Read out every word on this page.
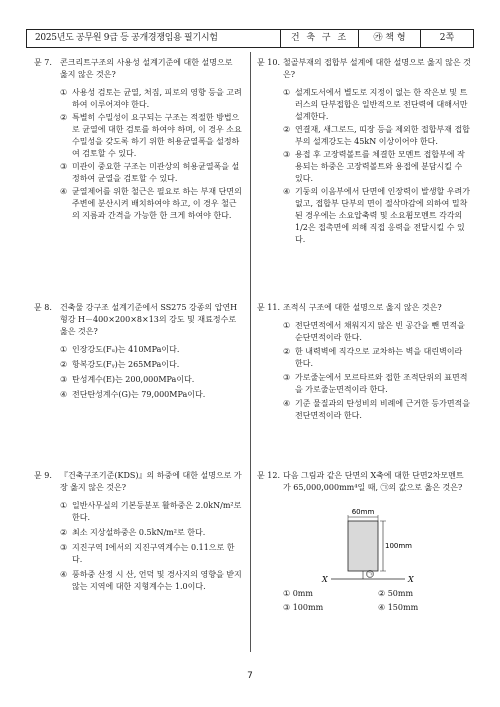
2025년도 공무원 9급 등 공개경쟁임용 필기시험	건 축 구 조	㉮ 책 형	2쪽
문 7.	콘크리트구조의 사용성 설계기준에 대한 설명으로 옳지 않은 것은?
① 사용성 검토는 균열, 처짐, 피로의 영향 등을 고려하여 이루어져야 한다.
② 특별히 수밀성이 요구되는 구조는 적절한 방법으로 균열에 대한 검토를 하여야 하며, 이 경우 소요수밀성을 갖도록 하기 위한 허용균열폭을 설정하여 검토할 수 있다.
③ 미관이 중요한 구조는 미관상의 허용균열폭을 설정하여 균열을 검토할 수 있다.
④ 균열제어를 위한 철근은 필요로 하는 부재 단면의 주변에 분산시켜 배치하여야 하고, 이 경우 철근의 지름과 간격을 가능한 한 크게 하여야 한다.
문 8.	건축물 강구조 설계기준에서 SS275 강종의 압연H형강 H－400×200×8×13의 강도 및 재료정수로 옳은 것은?
① 인장강도(Fᵤ)는 410MPa이다.
② 항복강도(Fᵧ)는 265MPa이다.
③ 탄성계수(E)는 200,000MPa이다.
④ 전단탄성계수(G)는 79,000MPa이다.
문 9.	『건축구조기준(KDS)』의 하중에 대한 설명으로 가장 옳지 않은 것은?
① 일반사무실의 기본등분포 활하중은 2.0kN/m²로 한다.
② 최소 지상설하중은 0.5kN/m²로 한다.
③ 지진구역 Ⅰ에서의 지진구역계수는 0.11으로 한다.
④ 풍하중 산정 시 산, 언덕 및 경사지의 영향을 받지 않는 지역에 대한 지형계수는 1.0이다.
문 10. 철골부재의 접합부 설계에 대한 설명으로 옳지 않은 것은?
① 설계도서에서 별도로 지정이 없는 한 작은보 및 트러스의 단부접합은 일반적으로 전단력에 대해서만 설계한다.
② 연결재, 새그로드, 띠장 등을 제외한 접합부재 접합부의 설계강도는 45kN 이상이어야 한다.
③ 용접 후 고장력볼트를 체결한 모멘트 접합부에 작용되는 하중은 고장력볼트와 용접에 분담시킬 수 있다.
④ 기둥의 이음부에서 단면에 인장력이 발생할 우려가 없고, 접합부 단부의 면이 절삭마감에 의하여 밀착된 경우에는 소요압축력 및 소요휨모멘트 각각의 1/2은 접촉면에 의해 직접 응력을 전달시킬 수 있다.
문 11. 조적식 구조에 대한 설명으로 옳지 않은 것은?
① 전단면적에서 채워지지 않은 빈 공간을 뺀 면적을 순단면적이라 한다.
② 한 내력벽에 직각으로 교차하는 벽을 대린벽이라 한다.
③ 가로줄눈에서 모르타르와 접한 조적단위의 표면적을 가로줄눈면적이라 한다.
④ 기준 물질과의 탄성비의 비례에 근거한 등가면적을 전단면적이라 한다.
문 12. 다음 그림과 같은 단면의 X축에 대한 단면2차모멘트가 65,000,000mm⁴일 때, ㉠의 값으로 옳은 것은?
60mm
100mm
㉠
X	X
①
0mm	②
50mm
③
100mm	④
150mm
7
